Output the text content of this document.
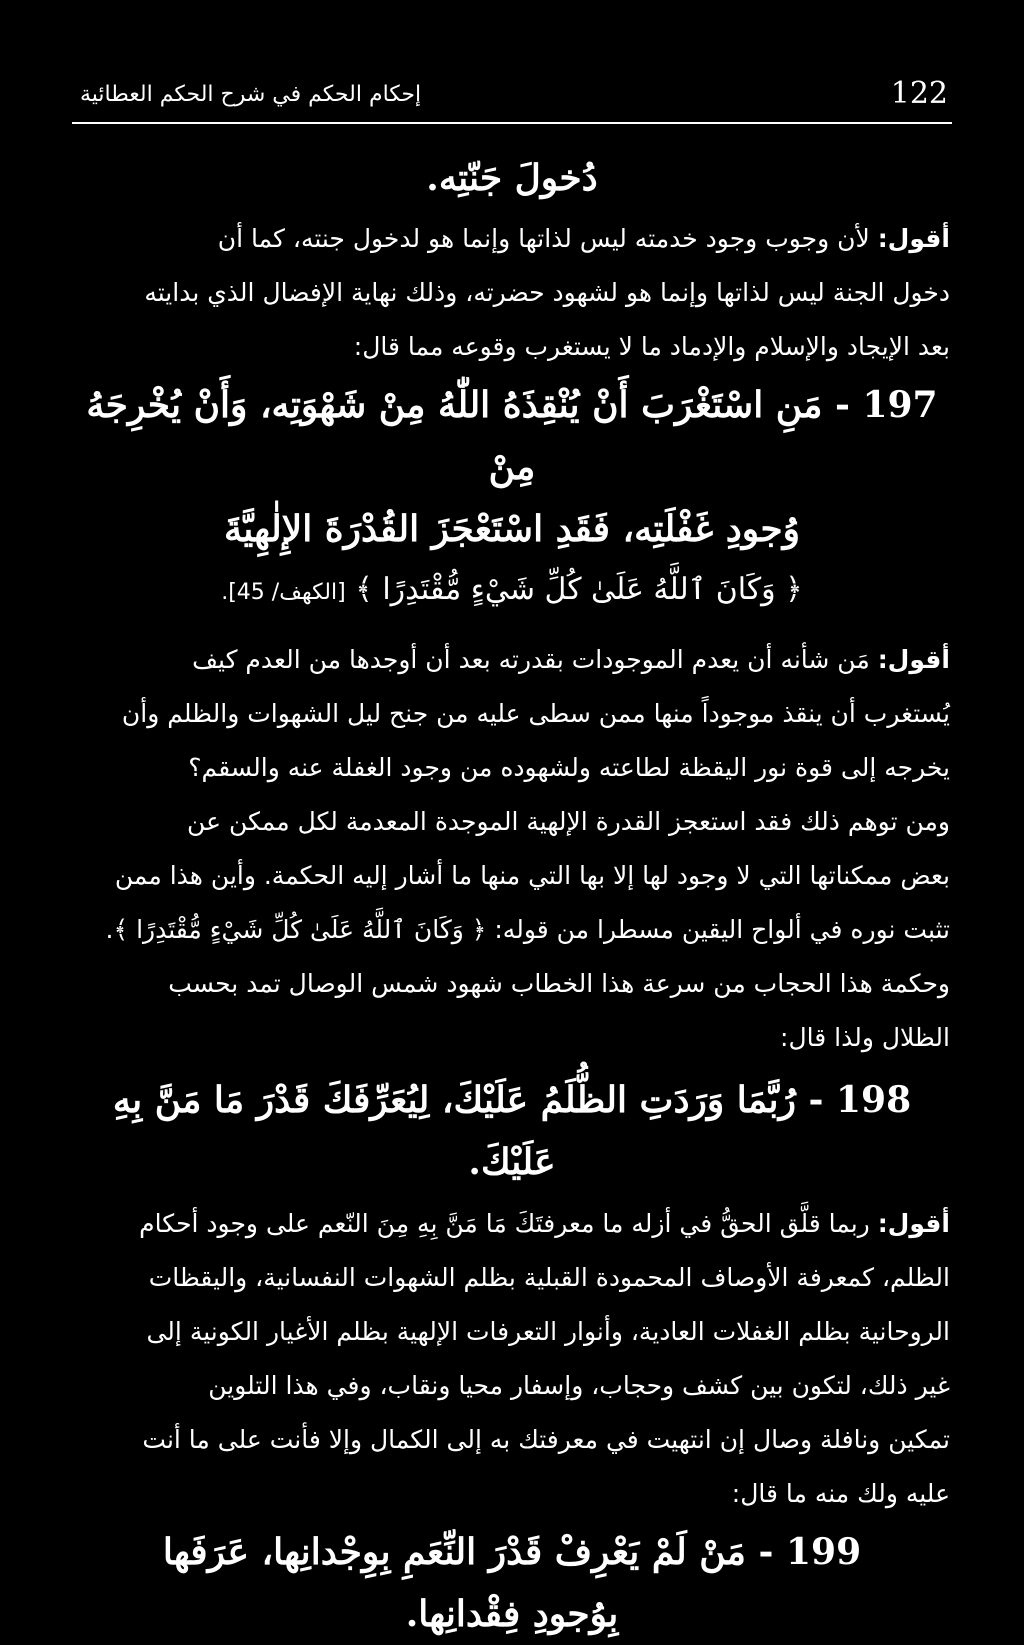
122
إحكام الحكم في شرح الحكم العطائية
دُخولَ جَنّتِه.

أقول: لأن وجوب وجود خدمته ليس لذاتها وإنما هو لدخول جنته، كما أن
دخول الجنة ليس لذاتها وإنما هو لشهود حضرته، وذلك نهاية الإفضال الذي بدايته
بعد الإيجاد والإسلام والإدماد ما لا يستغرب وقوعه مما قال:

197 - مَنِ اسْتَغْرَبَ أَنْ يُنْقِذَهُ اللّٰهُ مِنْ شَهْوَتِه، وَأَنْ يُخْرِجَهُ مِنْ
وُجودِ غَفْلَتِه، فَقَدِ اسْتَعْجَزَ القُدْرَةَ الإِلٰهِيَّةَ
﴿ وَكَانَ ٱللَّهُ عَلَىٰ كُلِّ شَيْءٍ مُّقْتَدِرًا ﴾ [الكهف/ 45].

أقول: مَن شأنه أن يعدم الموجودات بقدرته بعد أن أوجدها من العدم كيف
يُستغرب أن ينقذ موجوداً منها ممن سطى عليه من جنح ليل الشهوات والظلم وأن
يخرجه إلى قوة نور اليقظة لطاعته ولشهوده من وجود الغفلة عنه والسقم؟

ومن توهم ذلك فقد استعجز القدرة الإلهية الموجدة المعدمة لكل ممكن عن
بعض ممكناتها التي لا وجود لها إلا بها التي منها ما أشار إليه الحكمة. وأين هذا ممن
تثبت نوره في ألواح اليقين مسطرا من قوله: ﴿ وَكَانَ ٱللَّهُ عَلَىٰ كُلِّ شَيْءٍ مُّقْتَدِرًا ﴾.

وحكمة هذا الحجاب من سرعة هذا الخطاب شهود شمس الوصال تمد بحسب
الظلال ولذا قال:

198 - رُبَّمَا وَرَدَتِ الظُّلَمُ عَلَيْكَ، لِيُعَرِّفَكَ قَدْرَ مَا مَنَّ بِهِ عَلَيْكَ.

أقول: ربما قلَّق الحقُّ في أزله ما معرفتَكَ مَا مَنَّ بِهِ مِنَ النّعم على وجود أحكام
الظلم، كمعرفة الأوصاف المحمودة القبلية بظلم الشهوات النفسانية، واليقظات
الروحانية بظلم الغفلات العادية، وأنوار التعرفات الإلهية بظلم الأغيار الكونية إلى
غير ذلك، لتكون بين كشف وحجاب، وإسفار محيا ونقاب، وفي هذا التلوين
تمكين ونافلة وصال إن انتهيت في معرفتك به إلى الكمال وإلا فأنت على ما أنت
عليه ولك منه ما قال:

199 - مَنْ لَمْ يَعْرِفْ قَدْرَ النِّعَمِ بِوِجْدانِها، عَرَفَها
بِوُجودِ فِقْدانِها.
